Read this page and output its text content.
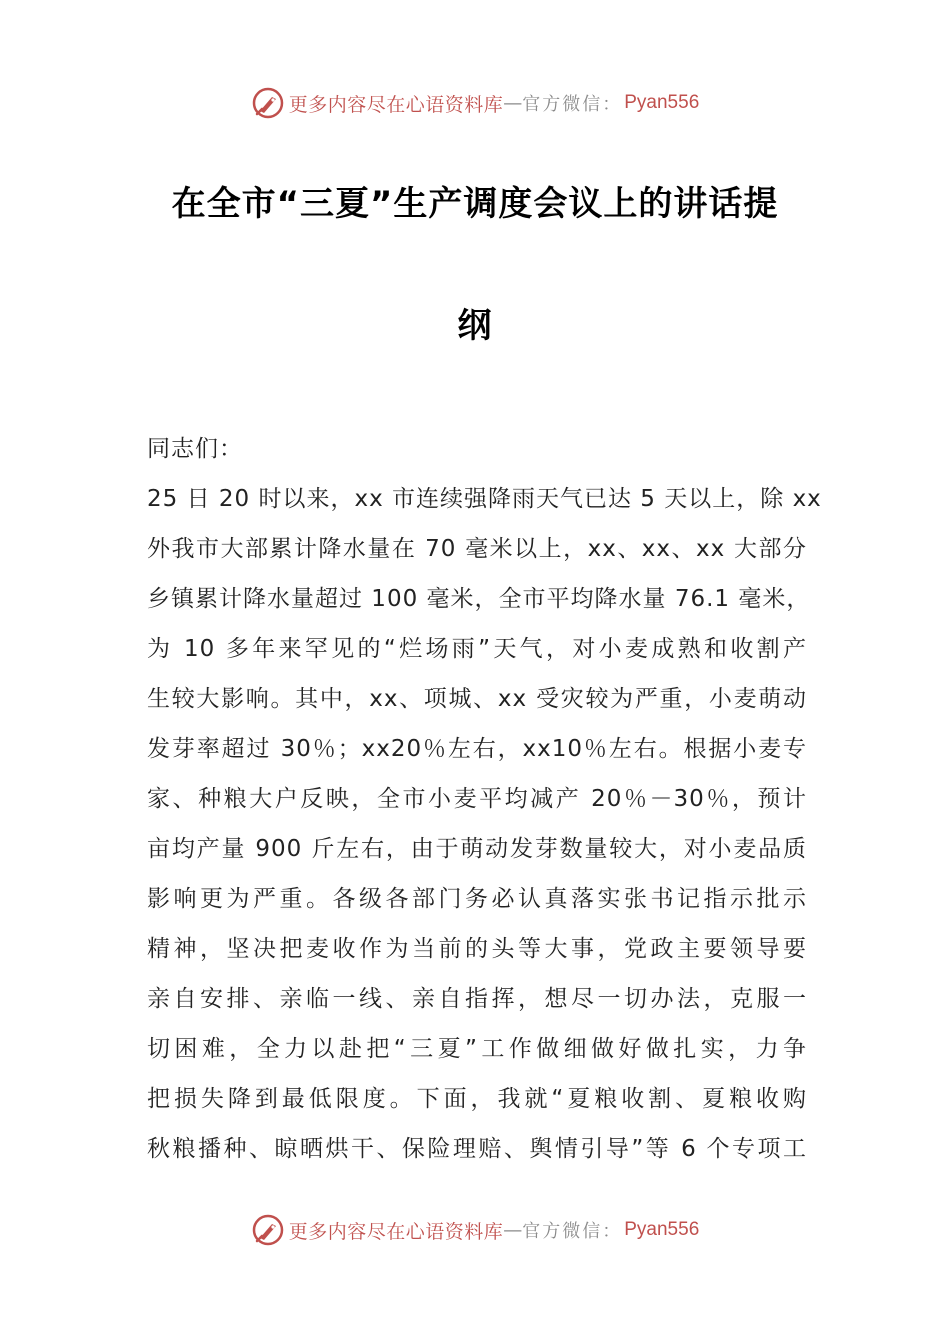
更多内容尽在心语资料库 — 官方微信： Pyan556
在全市“三夏”生产调度会议上的讲话提
纲
同志们：
25 日 20 时以来，xx 市连续强降雨天气已达 5 天以上，除 xx
外我市大部累计降水量在 70 毫米以上，xx、xx、xx 大部分
乡镇累计降水量超过 100 毫米，全市平均降水量 76.1 毫米，
为 10 多年来罕见的“烂场雨”天气，对小麦成熟和收割产
生较大影响。其中，xx、项城、xx 受灾较为严重，小麦萌动
发芽率超过 30％；xx20％左右，xx10％左右。根据小麦专
家、种粮大户反映，全市小麦平均减产 20％－30％，预计
亩均产量 900 斤左右，由于萌动发芽数量较大，对小麦品质
影响更为严重。各级各部门务必认真落实张书记指示批示
精神，坚决把麦收作为当前的头等大事，党政主要领导要
亲自安排、亲临一线、亲自指挥，想尽一切办法，克服一
切困难，全力以赴把“三夏”工作做细做好做扎实，力争
把损失降到最低限度。下面，我就“夏粮收割、夏粮收购
秋粮播种、晾晒烘干、保险理赔、舆情引导”等 6 个专项工
更多内容尽在心语资料库 — 官方微信： Pyan556
